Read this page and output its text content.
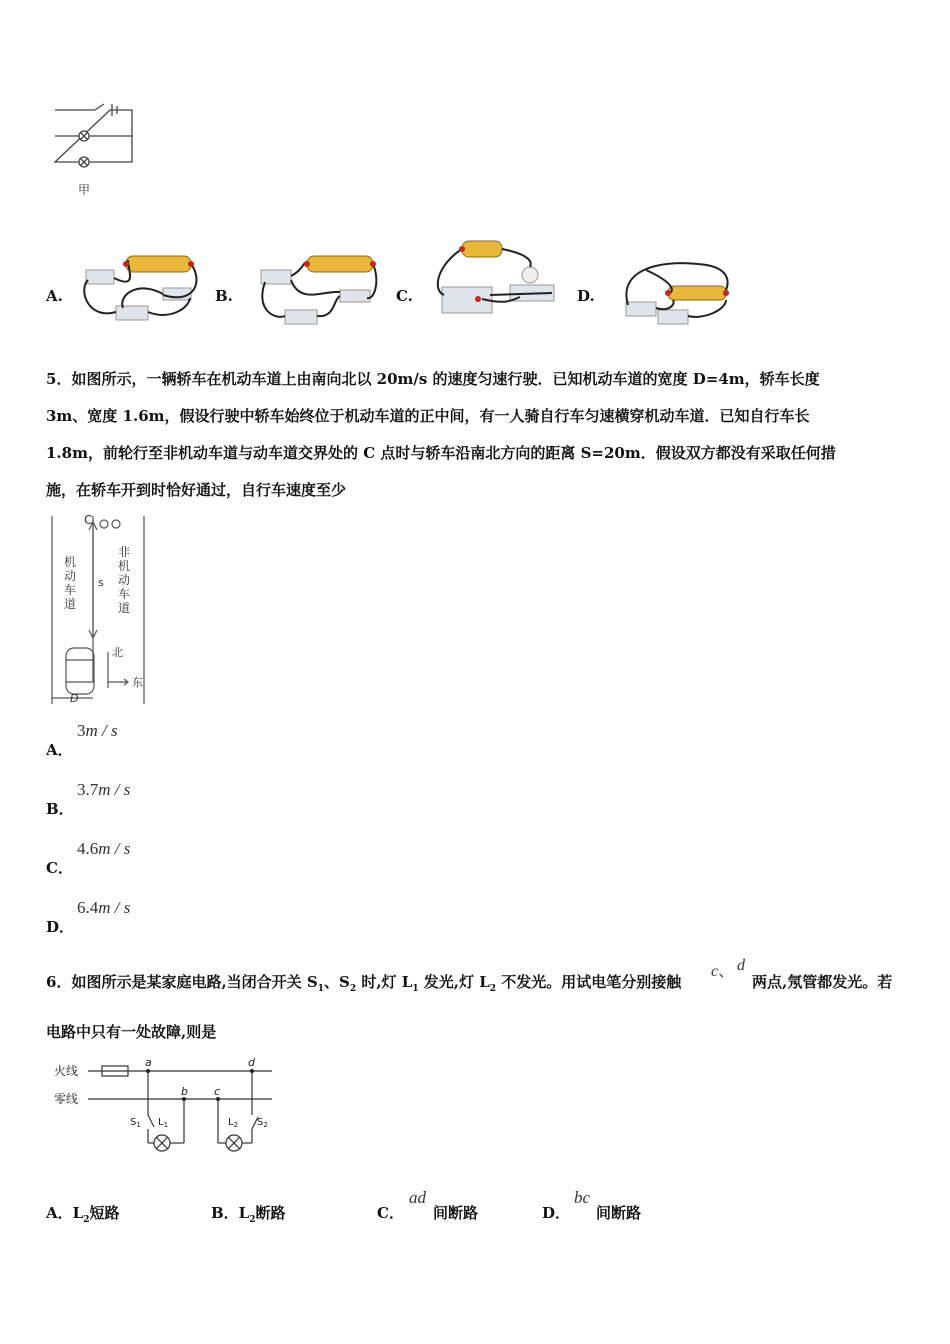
甲
A.	B.	C.	D.
5．如图所示，一辆轿车在机动车道上由南向北以 20m/s 的速度匀速行驶．已知机动车道的宽度 D=4m，轿车长度
3m、宽度 1.6m，假设行驶中轿车始终位于机动车道的正中间，有一人骑自行车匀速横穿机动车道．已知自行车长
1.8m，前轮行至非机动车道与动车道交界处的 C 点时与轿车沿南北方向的距离 S=20m．假设双方都没有采取任何措
施，在轿车开到时恰好通过，自行车速度至少
C
s
北
东
D
机动车道
非机动车道
A．
3m / s
B．
3.7m / s
C．
4.6m / s
D．
6.4m / s
6．如图所示是某家庭电路,当闭合开关 $S_1$、$S_2$ 时,灯 $L_1$ 发光,灯 $L_2$ 不发光。用试电笔分别接触
c、 d
两点,氖管都发光。若
电路中只有一处故障,则是
火线
零线
a
b c
d
$S_1$ $L_1$	$L_2$ $S_2$
A．$L_2$短路	B．$L_2$断路	C．
ad
间断路	D．
bc
间断路
